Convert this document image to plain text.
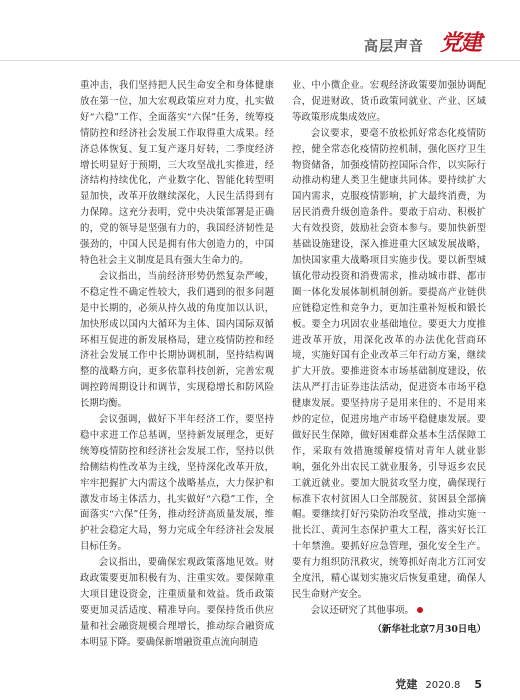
高层声音 党建

重冲击，我们坚持把人民生命安全和身体健康放在第一位，加大宏观政策应对力度，扎实做好“六稳”工作、全面落实“六保”任务，统筹疫情防控和经济社会发展工作取得重大成果。经济总体恢复、复工复产逐月好转，二季度经济增长明显好于预期，三大攻坚战扎实推进，经济结构持续优化，产业数字化、智能化转型明显加快，改革开放继续深化，人民生活得到有力保障。这充分表明，党中央决策部署是正确的，党的领导是坚强有力的，我国经济韧性是强劲的，中国人民是拥有伟大创造力的，中国特色社会主义制度是具有强大生命力的。

会议指出，当前经济形势仍然复杂严峻，不稳定性不确定性较大，我们遇到的很多问题是中长期的，必须从持久战的角度加以认识，加快形成以国内大循环为主体、国内国际双循环相互促进的新发展格局，建立疫情防控和经济社会发展工作中长期协调机制，坚持结构调整的战略方向，更多依靠科技创新，完善宏观调控跨周期设计和调节，实现稳增长和防风险长期均衡。

会议强调，做好下半年经济工作，要坚持稳中求进工作总基调，坚持新发展理念，更好统筹疫情防控和经济社会发展工作，坚持以供给侧结构性改革为主线，坚持深化改革开放，牢牢把握扩大内需这个战略基点，大力保护和激发市场主体活力，扎实做好“六稳”工作，全面落实“六保”任务，推动经济高质量发展，维护社会稳定大局，努力完成全年经济社会发展目标任务。

会议指出，要确保宏观政策落地见效。财政政策要更加积极有为、注重实效。要保障重大项目建设资金，注重质量和效益。货币政策要更加灵活适度、精准导向。要保持货币供应量和社会融资规模合理增长，推动综合融资成本明显下降。要确保新增融资重点流向制造

业、中小微企业。宏观经济政策要加强协调配合，促进财政、货币政策同就业、产业、区域等政策形成集成效应。

会议要求，要毫不放松抓好常态化疫情防控，健全常态化疫情防控机制，强化医疗卫生物资储备，加强疫情防控国际合作，以实际行动推动构建人类卫生健康共同体。要持续扩大国内需求，克服疫情影响，扩大最终消费，为居民消费升级创造条件。要敢于启动、积极扩大有效投资，鼓励社会资本参与。要加快新型基础设施建设，深入推进重大区域发展战略，加快国家重大战略项目实施步伐。要以新型城镇化带动投资和消费需求，推动城市群、都市圈一体化发展体制机制创新。要提高产业链供应链稳定性和竞争力，更加注重补短板和锻长板。要全力巩固农业基础地位。要更大力度推进改革开放，用深化改革的办法优化营商环境，实施好国有企业改革三年行动方案，继续扩大开放。要推进资本市场基础制度建设，依法从严打击证券违法活动，促进资本市场平稳健康发展。要坚持房子是用来住的、不是用来炒的定位，促进房地产市场平稳健康发展。要做好民生保障，做好困难群众基本生活保障工作，采取有效措施缓解疫情对青年人就业影响，强化外出农民工就业服务，引导返乡农民工就近就业。要加大脱贫攻坚力度，确保现行标准下农村贫困人口全部脱贫、贫困县全部摘帽。要继续打好污染防治攻坚战，推动实施一批长江、黄河生态保护重大工程，落实好长江十年禁渔。要抓好应急管理，强化安全生产。要有力组织防汛救灾，统筹抓好南北方江河安全度汛，精心谋划实施灾后恢复重建，确保人民生命财产安全。

会议还研究了其他事项。

（新华社北京7月30日电）

党建 2020.8 5
